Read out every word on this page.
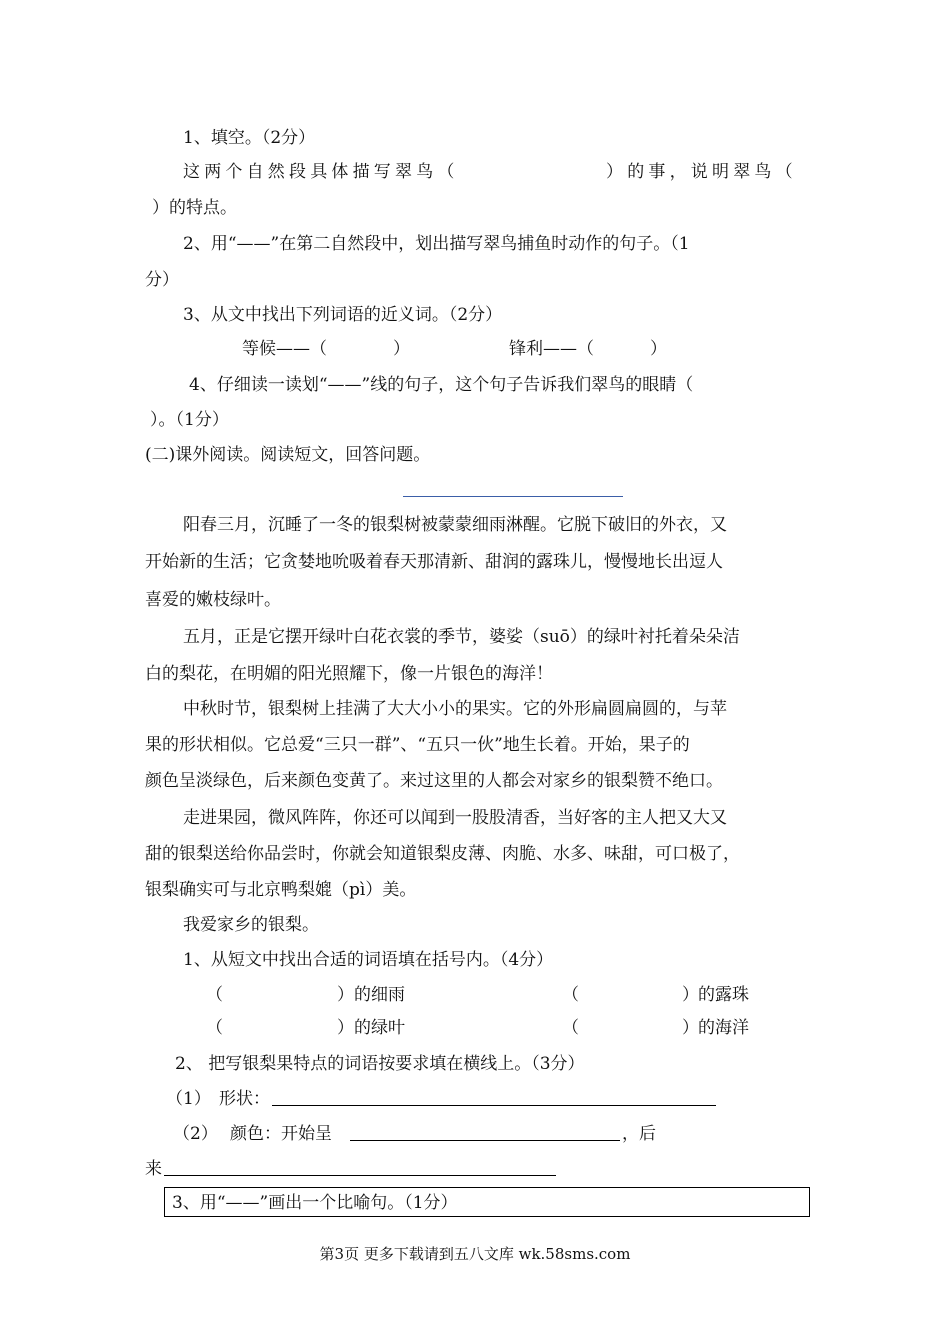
1、填空。（2分）
这两个自然段具体描写翠鸟（	）的事，说明翠鸟（
）的特点。
2、用“——”在第二自然段中，划出描写翠鸟捕鱼时动作的句子。（1
分）
3、从文中找出下列词语的近义词。（2分）
等候——（	）	锋利——（	）
4、仔细读一读划“——”线的句子，这个句子告诉我们翠鸟的眼睛（
）。（1分）
(二)课外阅读。阅读短文，回答问题。
阳春三月，沉睡了一冬的银梨树被蒙蒙细雨淋醒。它脱下破旧的外衣，又
开始新的生活；它贪婪地吮吸着春天那清新、甜润的露珠儿，慢慢地长出逗人
喜爱的嫩枝绿叶。
五月，正是它摆开绿叶白花衣裳的季节，婆娑（suō）的绿叶衬托着朵朵洁
白的梨花，在明媚的阳光照耀下，像一片银色的海洋！
中秋时节，银梨树上挂满了大大小小的果实。它的外形扁圆扁圆的，与苹
果的形状相似。它总爱“三只一群”、“五只一伙”地生长着。开始，果子的
颜色呈淡绿色，后来颜色变黄了。来过这里的人都会对家乡的银梨赞不绝口。
走进果园，微风阵阵，你还可以闻到一股股清香，当好客的主人把又大又
甜的银梨送给你品尝时，你就会知道银梨皮薄、肉脆、水多、味甜，可口极了，
银梨确实可与北京鸭梨媲（pì）美。
我爱家乡的银梨。
1、从短文中找出合适的词语填在括号内。（4分）
（	） 的细雨	（	） 的露珠
（	） 的绿叶	（	） 的海洋
2、 把写银梨果特点的词语按要求填在横线上。（3分）
（1） 形状：
（2） 颜色：开始呈	，后
来
3、用“——”画出一个比喻句。（1分）
第3页 更多下载请到五八文库 wk.58sms.com
